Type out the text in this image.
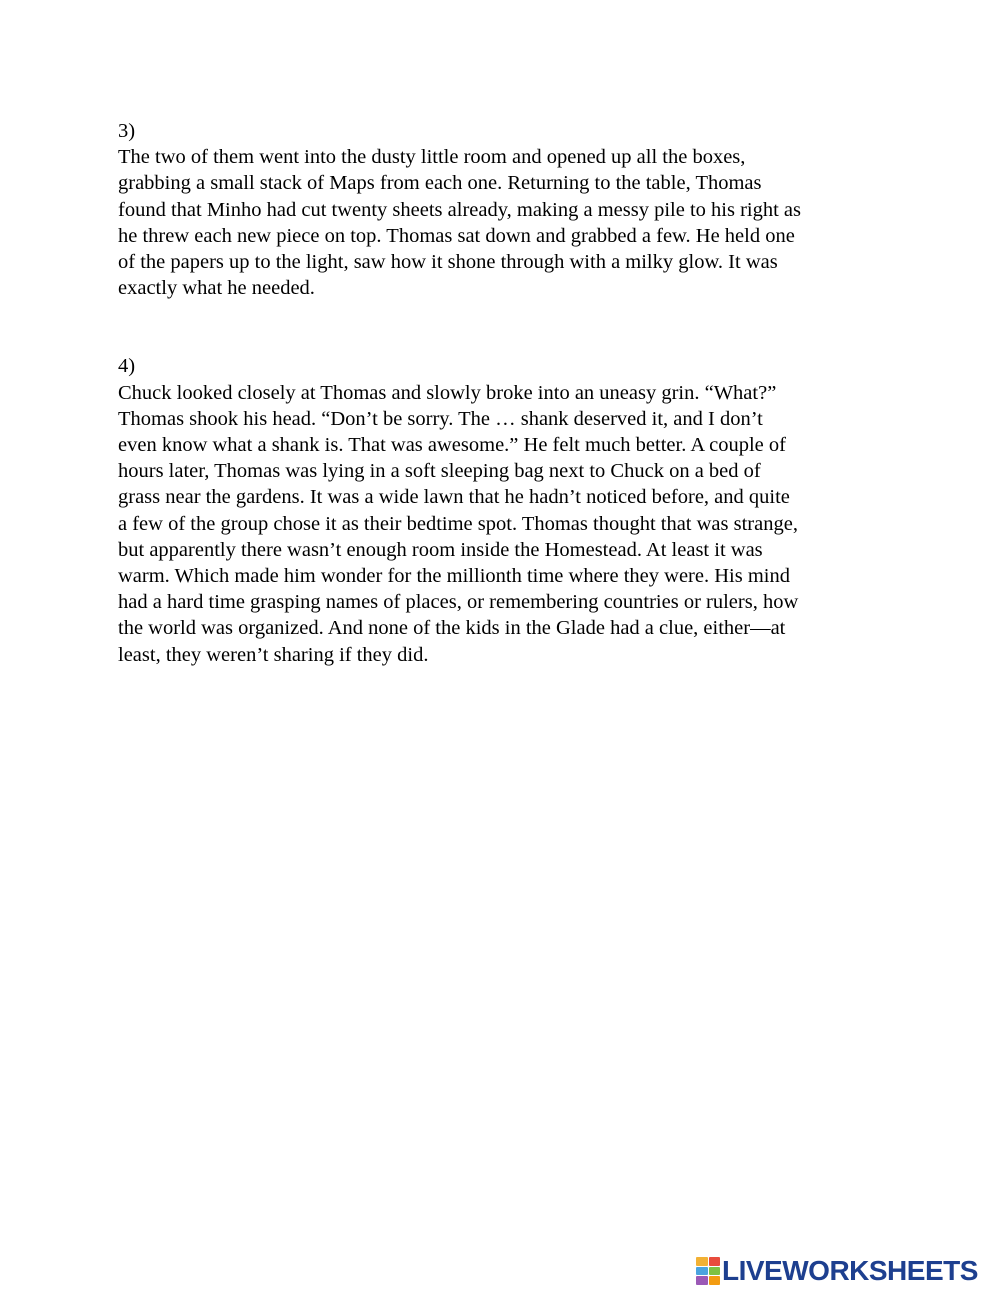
3)
The two of them went into the dusty little room and opened up all the boxes,
grabbing a small stack of Maps from each one. Returning to the table, Thomas
found that Minho had cut twenty sheets already, making a messy pile to his right as
he threw each new piece on top. Thomas sat down and grabbed a few. He held one
of the papers up to the light, saw how it shone through with a milky glow. It was
exactly what he needed.
4)
Chuck looked closely at Thomas and slowly broke into an uneasy grin. “What?”
Thomas shook his head. “Don’t be sorry. The … shank deserved it, and I don’t
even know what a shank is. That was awesome.” He felt much better. A couple of
hours later, Thomas was lying in a soft sleeping bag next to Chuck on a bed of
grass near the gardens. It was a wide lawn that he hadn’t noticed before, and quite
a few of the group chose it as their bedtime spot. Thomas thought that was strange,
but apparently there wasn’t enough room inside the Homestead. At least it was
warm. Which made him wonder for the millionth time where they were. His mind
had a hard time grasping names of places, or remembering countries or rulers, how
the world was organized. And none of the kids in the Glade had a clue, either—at
least, they weren’t sharing if they did.
LIVEWORKSHEETS
